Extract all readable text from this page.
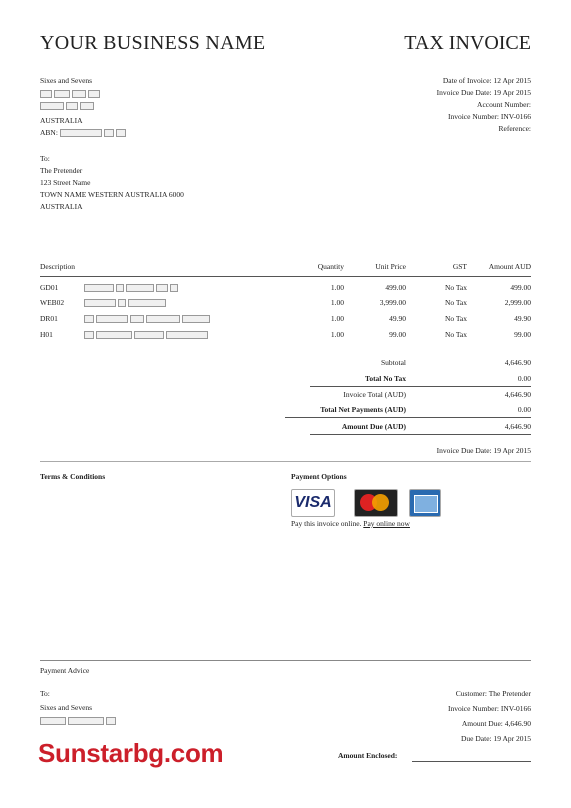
YOUR BUSINESS NAME	TAX INVOICE
Sixes and Sevens
AUSTRALIA
ABN:
Date of Invoice: 12 Apr 2015
Invoice Due Date: 19 Apr 2015
Account Number:
Invoice Number: INV-0166
Reference:
To:
The Pretender
123 Street Name
TOWN NAME WESTERN AUSTRALIA 6000
AUSTRALIA
Description	Quantity	Unit Price	GST	Amount AUD
GD01	1.00	499.00	No Tax	499.00
WEB02	1.00	3,999.00	No Tax	2,999.00
DR01	1.00	49.90	No Tax	49.90
H01	1.00	99.00	No Tax	99.00
Subtotal	4,646.90
Total No Tax	0.00
Invoice Total (AUD)	4,646.90
Total Net Payments (AUD)	0.00
Amount Due (AUD)	4,646.90
Invoice Due Date: 19 Apr 2015
Terms & Conditions	Payment Options
VISA
Pay this invoice online. Pay online now
Payment Advice
To:
Sixes and Sevens
Customer: The Pretender
Invoice Number: INV-0166
Amount Due: 4,646.90
Due Date: 19 Apr 2015
Amount Enclosed:
Sunstarbg.com
